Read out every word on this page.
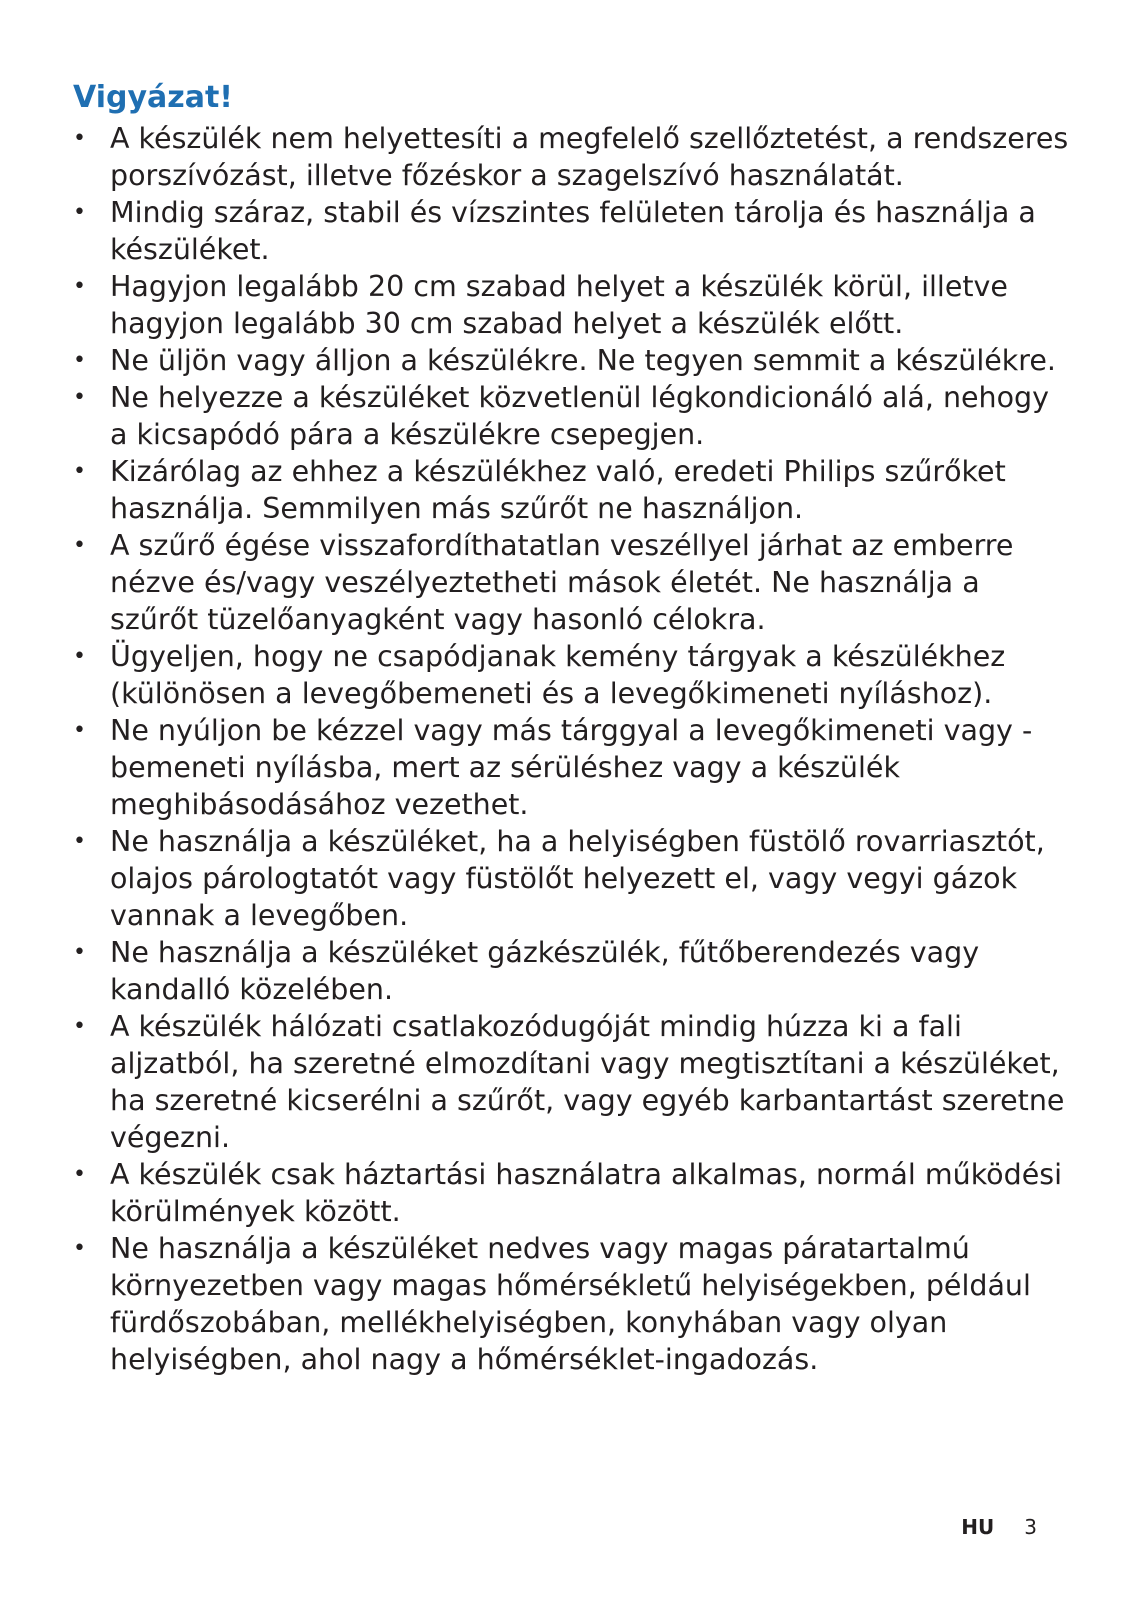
Vigyázat!
• A készülék nem helyettesíti a megfelelő szellőztetést, a rendszeres porszívózást, illetve főzéskor a szagelszívó használatát.
• Mindig száraz, stabil és vízszintes felületen tárolja és használja a készüléket.
• Hagyjon legalább 20 cm szabad helyet a készülék körül, illetve hagyjon legalább 30 cm szabad helyet a készülék előtt.
• Ne üljön vagy álljon a készülékre. Ne tegyen semmit a készülékre.
• Ne helyezze a készüléket közvetlenül légkondicionáló alá, nehogy a kicsapódó pára a készülékre csepegjen.
• Kizárólag az ehhez a készülékhez való, eredeti Philips szűrőket használja. Semmilyen más szűrőt ne használjon.
• A szűrő égése visszafordíthatatlan veszéllyel járhat az emberre nézve és/vagy veszélyeztetheti mások életét. Ne használja a szűrőt tüzelőanyagként vagy hasonló célokra.
• Ügyeljen, hogy ne csapódjanak kemény tárgyak a készülékhez (különösen a levegőbemeneti és a levegőkimeneti nyíláshoz).
• Ne nyúljon be kézzel vagy más tárggyal a levegőkimeneti vagy -bemeneti nyílásba, mert az sérüléshez vagy a készülék meghibásodásához vezethet.
• Ne használja a készüléket, ha a helyiségben füstölő rovarriasztót, olajos párologtatót vagy füstölőt helyezett el, vagy vegyi gázok vannak a levegőben.
• Ne használja a készüléket gázkészülék, fűtőberendezés vagy kandalló közelében.
• A készülék hálózati csatlakozódugóját mindig húzza ki a fali aljzatból, ha szeretné elmozdítani vagy megtisztítani a készüléket, ha szeretné kicserélni a szűrőt, vagy egyéb karbantartást szeretne végezni.
• A készülék csak háztartási használatra alkalmas, normál működési körülmények között.
• Ne használja a készüléket nedves vagy magas páratartalmú környezetben vagy magas hőmérsékletű helyiségekben, például fürdőszobában, mellékhelyiségben, konyhában vagy olyan helyiségben, ahol nagy a hőmérséklet-ingadozás.
HU 3
